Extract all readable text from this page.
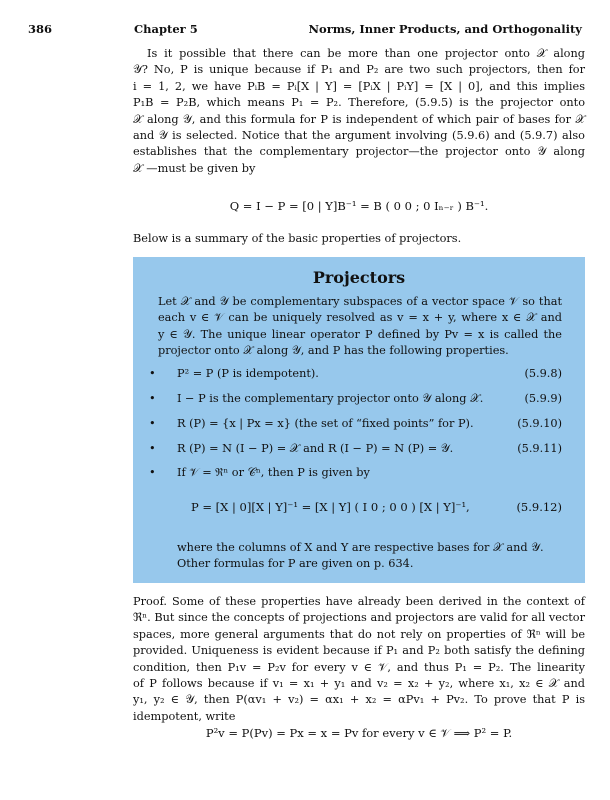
386	Chapter 5	Norms, Inner Products, and Orthogonality
Is it possible that there can be more than one projector onto 𝒳 along
𝒴? No, P is unique because if P₁ and P₂ are two such projectors, then for
i = 1, 2, we have PᵢB = Pᵢ[X | Y] = [PᵢX | PᵢY] = [X | 0], and this implies
P₁B = P₂B, which means P₁ = P₂. Therefore, (5.9.5) is the projector onto
𝒳 along 𝒴, and this formula for P is independent of which pair of bases for 𝒳
and 𝒴 is selected. Notice that the argument involving (5.9.6) and (5.9.7) also
establishes that the complementary projector—the projector onto 𝒴 along
𝒳 —must be given by
Q = I − P = [0 | Y]B⁻¹ = B ( 0 0 ; 0 Iₙ₋ᵣ ) B⁻¹.
Below is a summary of the basic properties of projectors.
Projectors
Let 𝒳 and 𝒴 be complementary subspaces of a vector space 𝒱 so that
each v ∈ 𝒱 can be uniquely resolved as v = x + y, where x ∈ 𝒳 and
y ∈ 𝒴. The unique linear operator P defined by Pv = x is called the
projector onto 𝒳 along 𝒴, and P has the following properties.
• P² = P (P is idempotent).	(5.9.8)
• I − P is the complementary projector onto 𝒴 along 𝒳.	(5.9.9)
• R (P) = {x | Px = x} (the set of “fixed points” for P).	(5.9.10)
• R (P) = N (I − P) = 𝒳 and R (I − P) = N (P) = 𝒴.	(5.9.11)
• If 𝒱 = ℜⁿ or 𝒞ⁿ, then P is given by
P = [X | 0][X | Y]⁻¹ = [X | Y] ( I 0 ; 0 0 ) [X | Y]⁻¹,	(5.9.12)
where the columns of X and Y are respective bases for 𝒳 and 𝒴.
Other formulas for P are given on p. 634.
Proof. Some of these properties have already been derived in the context of
ℜⁿ. But since the concepts of projections and projectors are valid for all vector
spaces, more general arguments that do not rely on properties of ℜⁿ will be
provided. Uniqueness is evident because if P₁ and P₂ both satisfy the defining
condition, then P₁v = P₂v for every v ∈ 𝒱, and thus P₁ = P₂. The linearity
of P follows because if v₁ = x₁ + y₁ and v₂ = x₂ + y₂, where x₁, x₂ ∈ 𝒳 and
y₁, y₂ ∈ 𝒴, then P(αv₁ + v₂) = αx₁ + x₂ = αPv₁ + Pv₂. To prove that P is
idempotent, write
P²v = P(Pv) = Px = x = Pv for every v ∈ 𝒱 ⟹ P² = P.
